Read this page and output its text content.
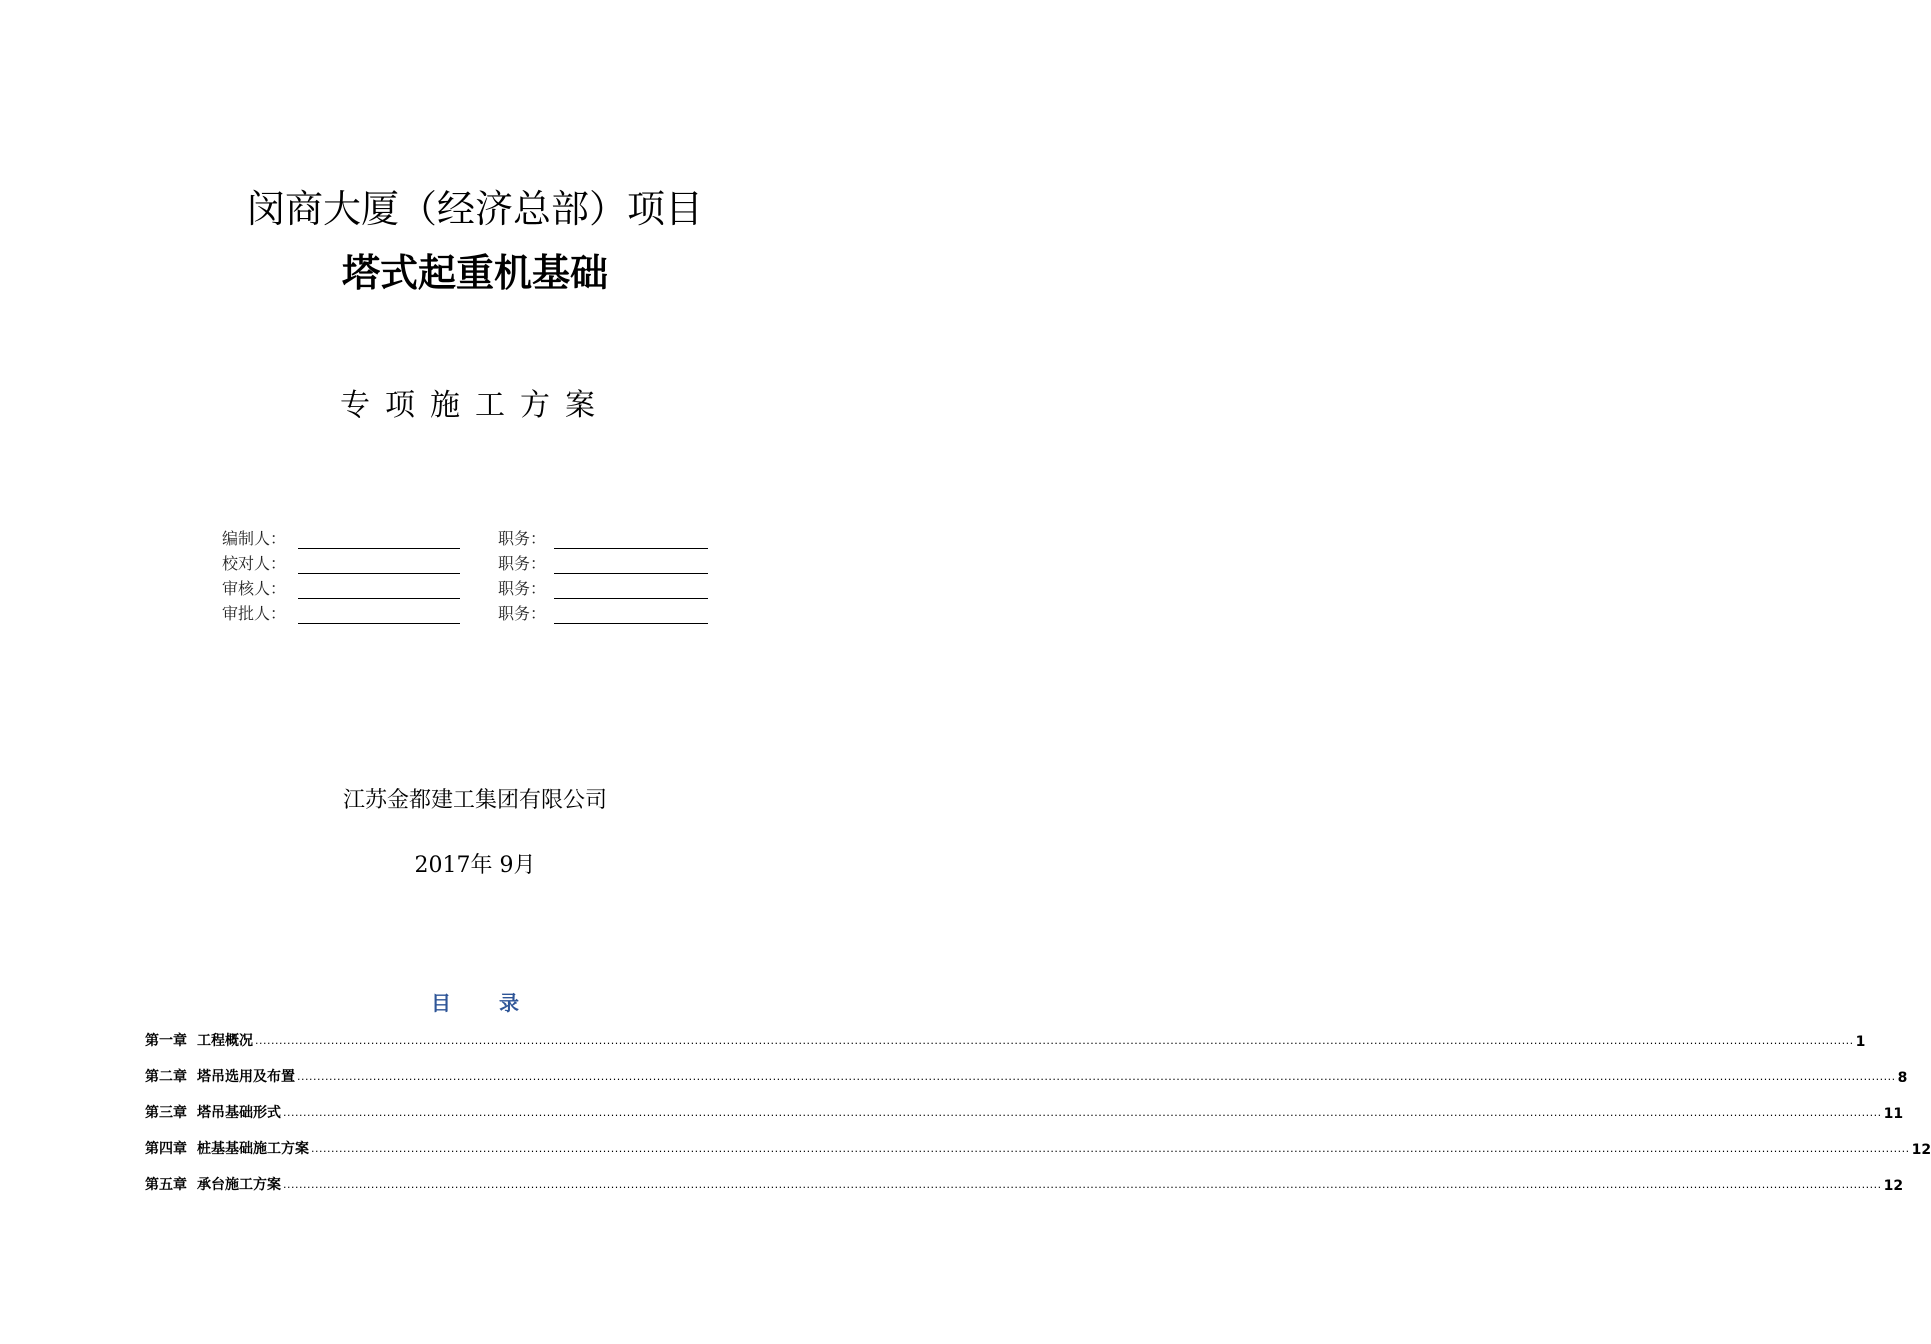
闵商大厦（经济总部）项目
塔式起重机基础
专项施工方案
编制人：	职务：
校对人：	职务：
审核人：	职务：
审批人：	职务：
江苏金都建工集团有限公司
2017年 9月
目录
第一章 工程概况 ................................................................................................................................................................................................................................................................................................................................................................................................................ 1
第二章 塔吊选用及布置 ................................................................................................................................................................................................................................................................................................................................................................................................................ 8
第三章 塔吊基础形式 ................................................................................................................................................................................................................................................................................................................................................................................................................ 11
第四章 桩基基础施工方案 ................................................................................................................................................................................................................................................................................................................................................................................................................ 12
第五章 承台施工方案 ................................................................................................................................................................................................................................................................................................................................................................................................................ 12
